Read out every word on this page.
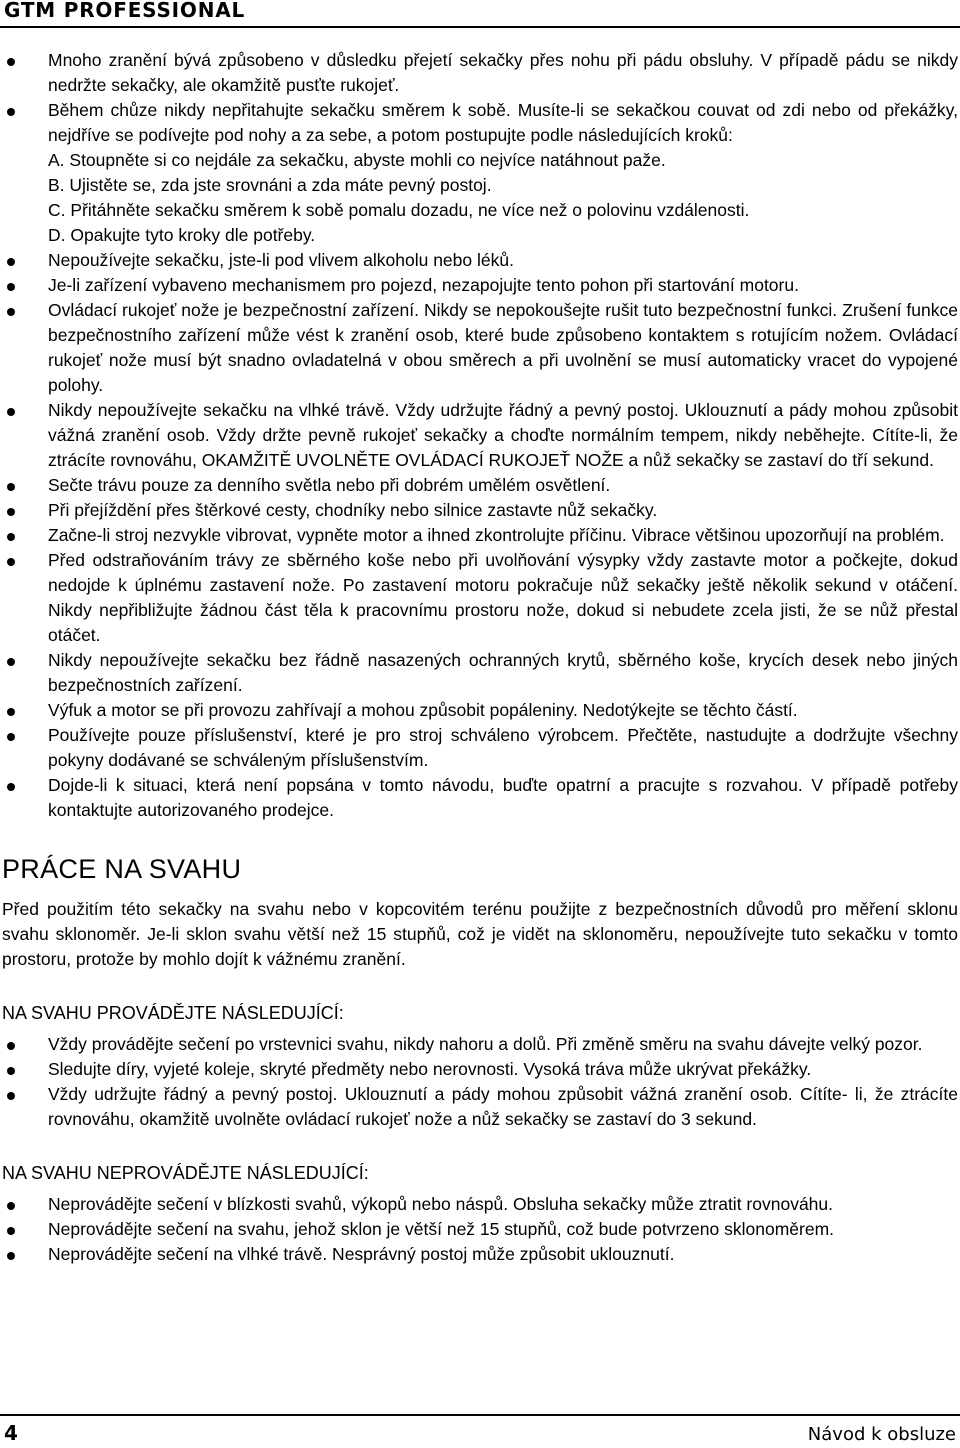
GTM PROFESSIONAL
Mnoho zranění bývá způsobeno v důsledku přejetí sekačky přes nohu při pádu obsluhy. V případě pádu se nikdy nedržte sekačky, ale okamžitě pusťte rukojeť.
Během chůze nikdy nepřitahujte sekačku směrem k sobě. Musíte-li se sekačkou couvat od zdi nebo od překážky, nejdříve se podívejte pod nohy a za sebe, a potom postupujte podle následujících kroků:
A. Stoupněte si co nejdále za sekačku, abyste mohli co nejvíce natáhnout paže.
B. Ujistěte se, zda jste srovnáni a zda máte pevný postoj.
C. Přitáhněte sekačku směrem k sobě pomalu dozadu, ne více než o polovinu vzdálenosti.
D. Opakujte tyto kroky dle potřeby.
Nepoužívejte sekačku, jste-li pod vlivem alkoholu nebo léků.
Je-li zařízení vybaveno mechanismem pro pojezd, nezapojujte tento pohon při startování motoru.
Ovládací rukojeť nože je bezpečnostní zařízení. Nikdy se nepokoušejte rušit tuto bezpečnostní funkci. Zrušení funkce bezpečnostního zařízení může vést k zranění osob, které bude způsobeno kontaktem s rotujícím nožem. Ovládací rukojeť nože musí být snadno ovladatelná v obou směrech a při uvolnění se musí automaticky vracet do vypojené polohy.
Nikdy nepoužívejte sekačku na vlhké trávě. Vždy udržujte řádný a pevný postoj. Uklouznutí a pády mohou způsobit vážná zranění osob. Vždy držte pevně rukojeť sekačky a choďte normálním tempem, nikdy neběhejte. Cítíte-li, že ztrácíte rovnováhu, OKAMŽITĚ UVOLNĚTE OVLÁDACÍ RUKOJEŤ NOŽE a nůž sekačky se zastaví do tří sekund.
Sečte trávu pouze za denního světla nebo při dobrém umělém osvětlení.
Při přejíždění přes štěrkové cesty, chodníky nebo silnice zastavte nůž sekačky.
Začne-li stroj nezvykle vibrovat, vypněte motor a ihned zkontrolujte příčinu. Vibrace většinou upozorňují na problém.
Před odstraňováním trávy ze sběrného koše nebo při uvolňování výsypky vždy zastavte motor a počkejte, dokud nedojde k úplnému zastavení nože. Po zastavení motoru pokračuje nůž sekačky ještě několik sekund v otáčení. Nikdy nepřibližujte žádnou část těla k pracovnímu prostoru nože, dokud si nebudete zcela jisti, že se nůž přestal otáčet.
Nikdy nepoužívejte sekačku bez řádně nasazených ochranných krytů, sběrného koše, krycích desek nebo jiných bezpečnostních zařízení.
Výfuk a motor se při provozu zahřívají a mohou způsobit popáleniny. Nedotýkejte se těchto částí.
Používejte pouze příslušenství, které je pro stroj schváleno výrobcem. Přečtěte, nastudujte a dodržujte všechny pokyny dodávané se schváleným příslušenstvím.
Dojde-li k situaci, která není popsána v tomto návodu, buďte opatrní a pracujte s rozvahou. V případě potřeby kontaktujte autorizovaného prodejce.
PRÁCE NA SVAHU

Před použitím této sekačky na svahu nebo v kopcovitém terénu použijte z bezpečnostních důvodů pro měření sklonu svahu sklonoměr. Je-li sklon svahu větší než 15 stupňů, což je vidět na sklonoměru, nepoužívejte tuto sekačku v tomto prostoru, protože by mohlo dojít k vážnému zranění.

NA SVAHU PROVÁDĚJTE NÁSLEDUJÍCÍ:
Vždy provádějte sečení po vrstevnici svahu, nikdy nahoru a dolů. Při změně směru na svahu dávejte velký pozor.
Sledujte díry, vyjeté koleje, skryté předměty nebo nerovnosti. Vysoká tráva může ukrývat překážky.
Vždy udržujte řádný a pevný postoj. Uklouznutí a pády mohou způsobit vážná zranění osob. Cítíte- li, že ztrácíte rovnováhu, okamžitě uvolněte ovládací rukojeť nože a nůž sekačky se zastaví do 3 sekund.
NA SVAHU NEPROVÁDĚJTE NÁSLEDUJÍCÍ:
Neprovádějte sečení v blízkosti svahů, výkopů nebo náspů. Obsluha sekačky může ztratit rovnováhu.
Neprovádějte sečení na svahu, jehož sklon je větší než 15 stupňů, což bude potvrzeno sklonoměrem.
Neprovádějte sečení na vlhké trávě. Nesprávný postoj může způsobit uklouznutí.
4	Návod k obsluze
